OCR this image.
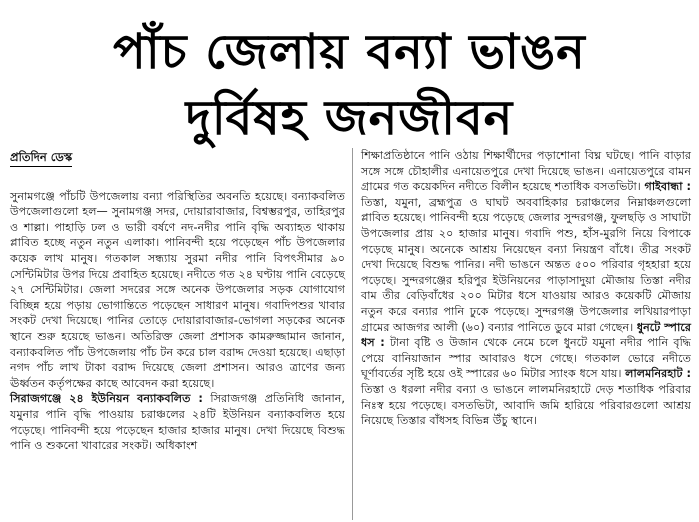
পাঁচ জেলায় বন্যা ভাঙন
দুর্বিষহ জনজীবন
প্রতিদিন ডেস্ক

সুনামগঞ্জে পাঁচটি উপজেলায় বন্যা পরিস্থিতির অবনতি হয়েছে। বন্যাকবলিত উপজেলাগুলো হল— সুনামগঞ্জ সদর, দোয়ারাবাজার, বিশ্বম্ভরপুর, তাহিরপুর ও শাল্লা। পাহাড়ি ঢল ও ভারী বর্ষণে নদ-নদীর পানি বৃদ্ধি অব্যাহত থাকায় প্লাবিত হচ্ছে নতুন নতুন এলাকা। পানিবন্দী হয়ে পড়েছেন পাঁচ উপজেলার কয়েক লাখ মানুষ। গতকাল সন্ধ্যায় সুরমা নদীর পানি বিপৎসীমার ৯০ সেন্টিমিটার উপর দিয়ে প্রবাহিত হয়েছে। নদীতে গত ২৪ ঘণ্টায় পানি বেড়েছে ২৭ সেন্টিমিটার। জেলা সদরের সঙ্গে অনেক উপজেলার সড়ক যোগাযোগ বিচ্ছিন্ন হয়ে পড়ায় ভোগান্তিতে পড়েছেন সাধারণ মানুষ। গবাদিপশুর খাবার সংকট দেখা দিয়েছে। পানির তোড়ে দোয়ারাবাজার-ভোগলা সড়কের অনেক স্থানে শুরু হয়েছে ভাঙন। অতিরিক্ত জেলা প্রশাসক কামরুজ্জামান জানান, বন্যাকবলিত পাঁচ উপজেলায় পাঁচ টন করে চাল বরাদ্দ দেওয়া হয়েছে। এছাড়া নগদ পাঁচ লাখ টাকা বরাদ্দ দিয়েছে জেলা প্রশাসন। আরও ত্রাণের জন্য ঊর্ধ্বতন কর্তৃপক্ষের কাছে আবেদন করা হয়েছে।

সিরাজগঞ্জে ২৪ ইউনিয়ন বন্যাকবলিত : সিরাজগঞ্জ প্রতিনিধি জানান, যমুনার পানি বৃদ্ধি পাওয়ায় চরাঞ্চলের ২৪টি ইউনিয়ন বন্যাকবলিত হয়ে পড়েছে। পানিবন্দী হয়ে পড়েছেন হাজার হাজার মানুষ। দেখা দিয়েছে বিশুদ্ধ পানি ও শুকনো খাবারের সংকট। অধিকাংশ

শিক্ষাপ্রতিষ্ঠানে পানি ওঠায় শিক্ষার্থীদের পড়াশোনা বিঘ্ন ঘটছে। পানি বাড়ার সঙ্গে সঙ্গে চৌহালীর এনায়েতপুরে দেখা দিয়েছে ভাঙন। এনায়েতপুরে বামন গ্রামের গত কয়েকদিন নদীতে বিলীন হয়েছে শতাধিক বসতভিটা। গাইবান্ধা : তিস্তা, যমুনা, ব্রহ্মপুত্র ও ঘাঘট অববাহিকার চরাঞ্চলের নিম্নাঞ্চলগুলো প্লাবিত হয়েছে। পানিবন্দী হয়ে পড়েছে জেলার সুন্দরগঞ্জ, ফুলছড়ি ও সাঘাটা উপজেলার প্রায় ২০ হাজার মানুষ। গবাদি পশু, হাঁস-মুরগি নিয়ে বিপাকে পড়েছে মানুষ। অনেকে আশ্রয় নিয়েছেন বন্যা নিয়ন্ত্রণ বাঁধে। তীব্র সংকট দেখা দিয়েছে বিশুদ্ধ পানির। নদী ভাঙনে অন্তত ৫০০ পরিবার গৃহহারা হয়ে পড়েছে। সুন্দরগঞ্জের হরিপুর ইউনিয়নের পাড়াসাদুয়া মৌজায় তিস্তা নদীর বাম তীর বেড়িবাঁধের ২০০ মিটার ধসে যাওয়ায় আরও কয়েকটি মৌজায় নতুন করে বন্যার পানি ঢুকে পড়েছে। সুন্দরগঞ্জ উপজেলার লখিয়ারপাড়া গ্রামের আজগর আলী (৬০) বন্যার পানিতে ডুবে মারা গেছেন। ধুনটে স্পারে ধস : টানা বৃষ্টি ও উজান থেকে নেমে চলে ধুনটে যমুনা নদীর পানি বৃদ্ধি পেয়ে বানিয়াজান স্পার আবারও ধসে গেছে। গতকাল ভোরে নদীতে ঘূর্ণাবর্তের সৃষ্টি হয়ে ওই স্পারের ৬০ মিটার স্যাংক ধসে যায়। লালমনিরহাট : তিস্তা ও ধরলা নদীর বন্যা ও ভাঙনে লালমনিরহাটে দেড় শতাধিক পরিবার নিঃস্ব হয়ে পড়েছে। বসতভিটা, আবাদি জমি হারিয়ে পরিবারগুলো আশ্রয় নিয়েছে তিস্তার বাঁধসহ বিভিন্ন উঁচু স্থানে।
